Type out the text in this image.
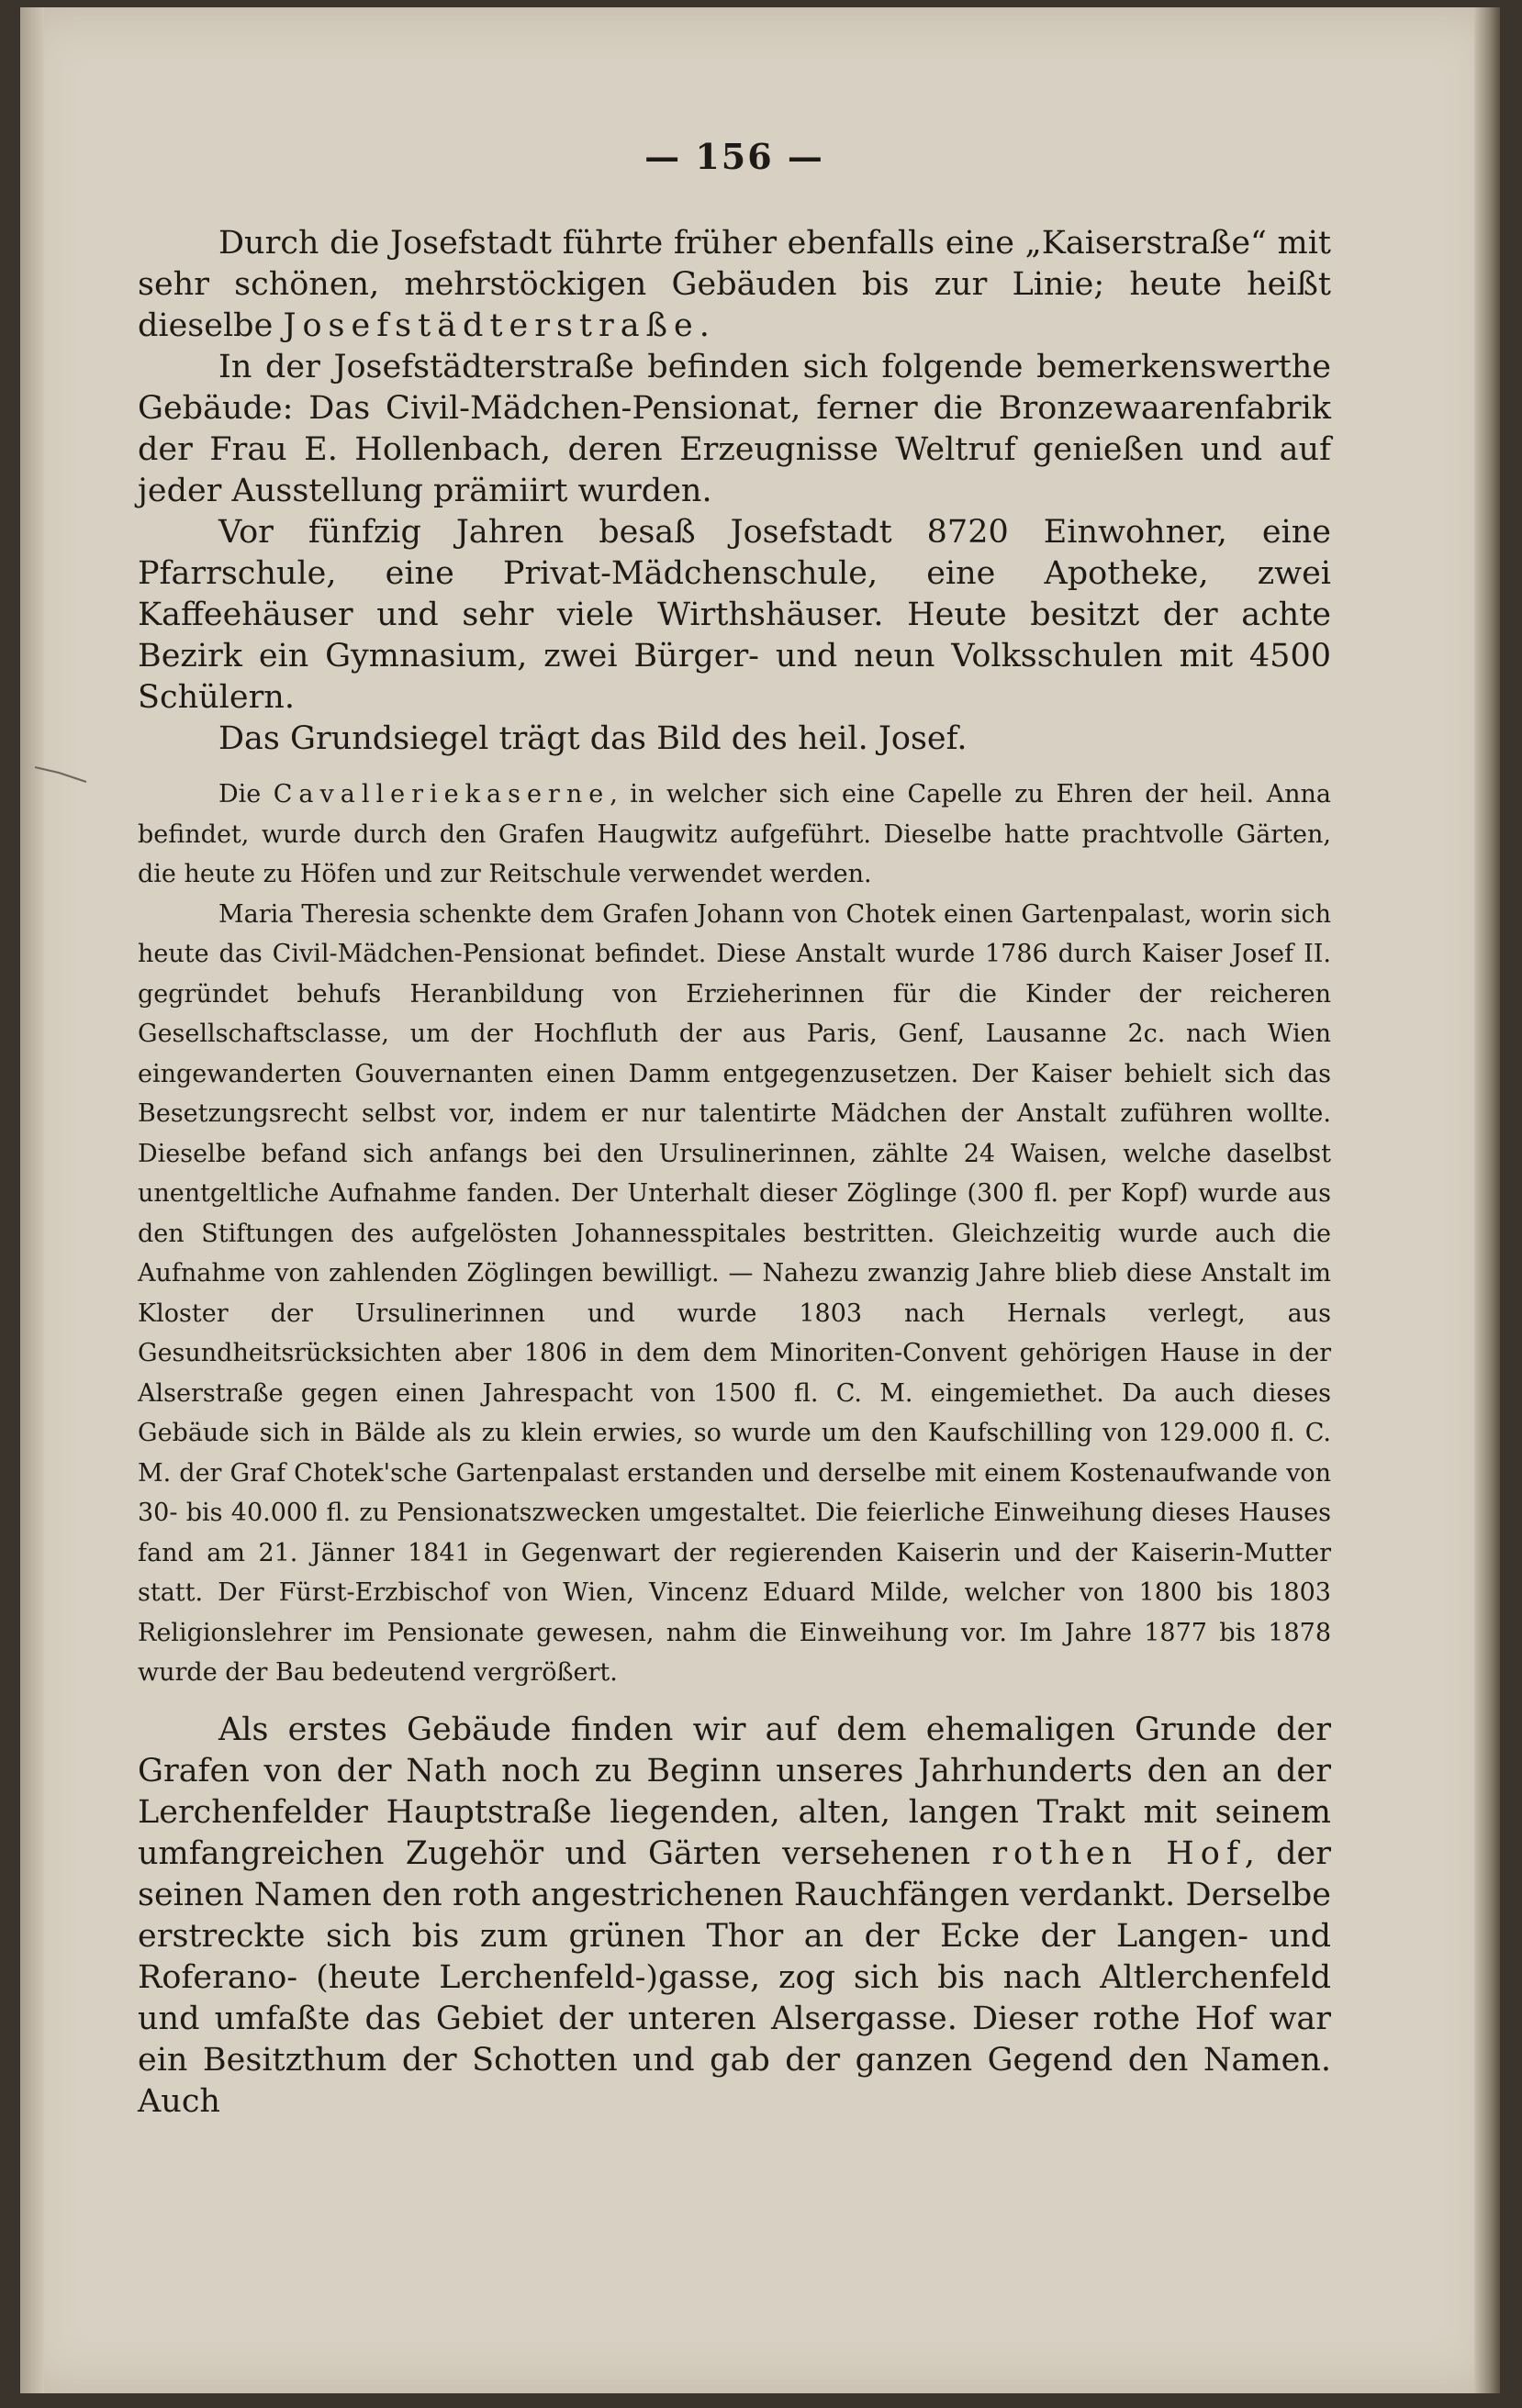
— 156 —

Durch die Josefstadt führte früher ebenfalls eine „Kaiserstraße“ mit sehr schönen, mehrstöckigen Gebäuden bis zur Linie; heute heißt dieselbe Josefstädterstraße.

In der Josefstädterstraße befinden sich folgende bemerkenswerthe Gebäude: Das Civil-Mädchen-Pensionat, ferner die Bronzewaarenfabrik der Frau E. Hollenbach, deren Erzeugnisse Weltruf genießen und auf jeder Ausstellung prämiirt wurden.

Vor fünfzig Jahren besaß Josefstadt 8720 Einwohner, eine Pfarrschule, eine Privat-Mädchenschule, eine Apotheke, zwei Kaffeehäuser und sehr viele Wirthshäuser. Heute besitzt der achte Bezirk ein Gymnasium, zwei Bürger- und neun Volksschulen mit 4500 Schülern.

Das Grundsiegel trägt das Bild des heil. Josef.

Die Cavalleriekaserne, in welcher sich eine Capelle zu Ehren der heil. Anna befindet, wurde durch den Grafen Haugwitz aufgeführt. Dieselbe hatte prachtvolle Gärten, die heute zu Höfen und zur Reitschule verwendet werden.

Maria Theresia schenkte dem Grafen Johann von Chotek einen Gartenpalast, worin sich heute das Civil-Mädchen-Pensionat befindet. Diese Anstalt wurde 1786 durch Kaiser Josef II. gegründet behufs Heranbildung von Erzieherinnen für die Kinder der reicheren Gesellschaftsclasse, um der Hochfluth der aus Paris, Genf, Lausanne 2c. nach Wien eingewanderten Gouvernanten einen Damm entgegenzusetzen. Der Kaiser behielt sich das Besetzungsrecht selbst vor, indem er nur talentirte Mädchen der Anstalt zuführen wollte. Dieselbe befand sich anfangs bei den Ursulinerinnen, zählte 24 Waisen, welche daselbst unentgeltliche Aufnahme fanden. Der Unterhalt dieser Zöglinge (300 fl. per Kopf) wurde aus den Stiftungen des aufgelösten Johannesspitales bestritten. Gleichzeitig wurde auch die Aufnahme von zahlenden Zöglingen bewilligt. — Nahezu zwanzig Jahre blieb diese Anstalt im Kloster der Ursulinerinnen und wurde 1803 nach Hernals verlegt, aus Gesundheitsrücksichten aber 1806 in dem dem Minoriten-Convent gehörigen Hause in der Alserstraße gegen einen Jahrespacht von 1500 fl. C. M. eingemiethet. Da auch dieses Gebäude sich in Bälde als zu klein erwies, so wurde um den Kaufschilling von 129.000 fl. C. M. der Graf Chotek'sche Gartenpalast erstanden und derselbe mit einem Kostenaufwande von 30- bis 40.000 fl. zu Pensionatszwecken umgestaltet. Die feierliche Einweihung dieses Hauses fand am 21. Jänner 1841 in Gegenwart der regierenden Kaiserin und der Kaiserin-Mutter statt. Der Fürst-Erzbischof von Wien, Vincenz Eduard Milde, welcher von 1800 bis 1803 Religionslehrer im Pensionate gewesen, nahm die Einweihung vor. Im Jahre 1877 bis 1878 wurde der Bau bedeutend vergrößert.

Als erstes Gebäude finden wir auf dem ehemaligen Grunde der Grafen von der Nath noch zu Beginn unseres Jahrhunderts den an der Lerchenfelder Hauptstraße liegenden, alten, langen Trakt mit seinem umfangreichen Zugehör und Gärten versehenen rothen Hof, der seinen Namen den roth angestrichenen Rauchfängen verdankt. Derselbe erstreckte sich bis zum grünen Thor an der Ecke der Langen- und Roferano- (heute Lerchenfeld-)gasse, zog sich bis nach Altlerchenfeld und umfaßte das Gebiet der unteren Alsergasse. Dieser rothe Hof war ein Besitzthum der Schotten und gab der ganzen Gegend den Namen. Auch
